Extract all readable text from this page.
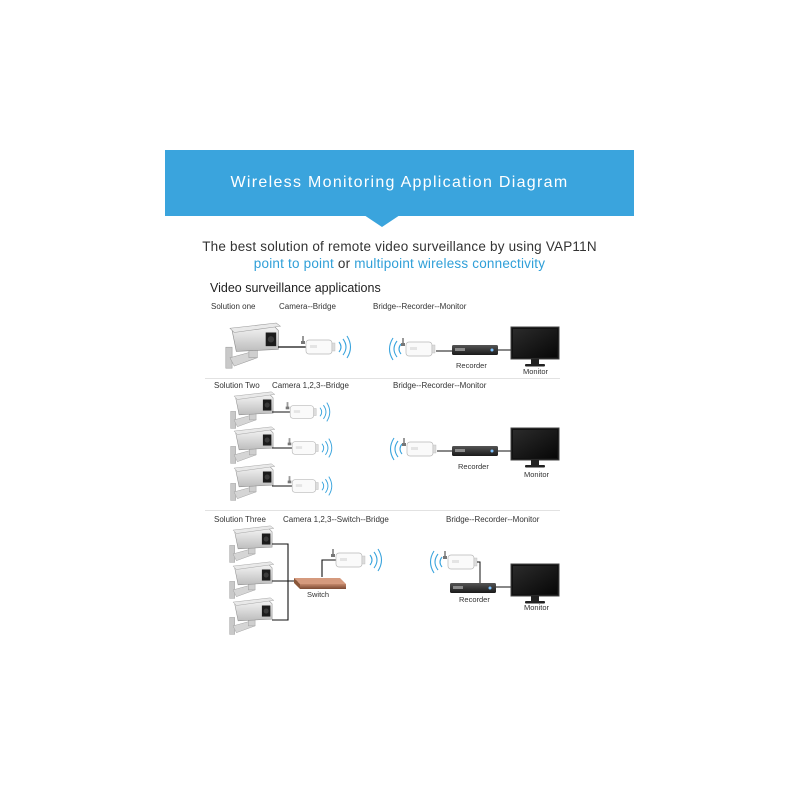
Wireless Monitoring Application Diagram
The best solution of remote video surveillance by using VAP11N
point to point or multipoint wireless connectivity
Video surveillance applications
Solution one	Camera--Bridge	Bridge--Recorder--Monitor
Recorder
Monitor
Solution Two Camera 1,2,3--Bridge	Bridge--Recorder--Monitor
Recorder
Monitor
Solution Three Camera 1,2,3--Switch--Bridge	Bridge--Recorder--Monitor
Switch
Recorder
Monitor
